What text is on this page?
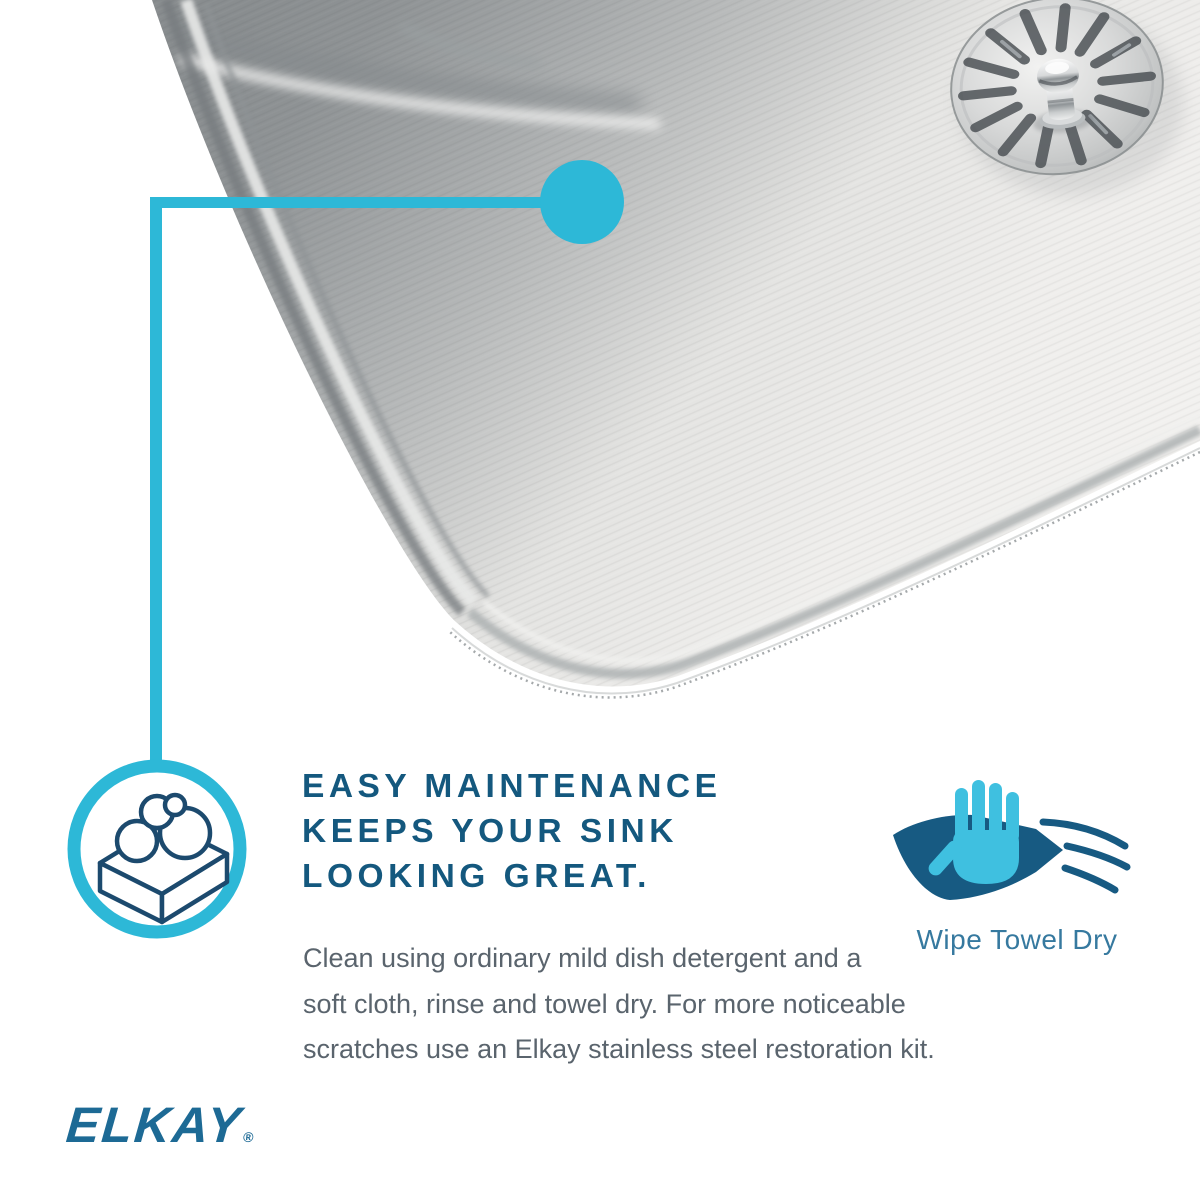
EASY MAINTENANCE
KEEPS YOUR SINK
LOOKING GREAT.
Clean using ordinary mild dish detergent and a
soft cloth, rinse and towel dry. For more noticeable
scratches use an Elkay stainless steel restoration kit.
Wipe Towel Dry
ELKAY®
